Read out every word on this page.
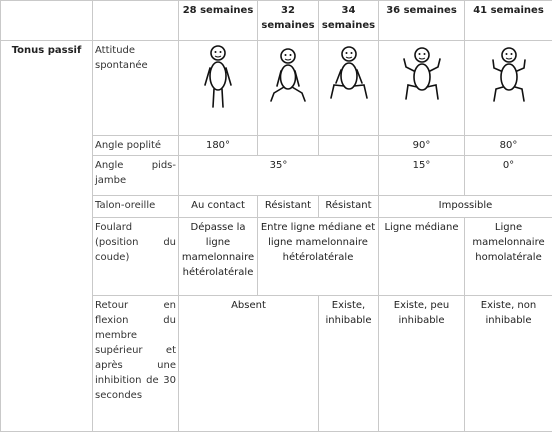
		28 semaines	32 semaines	34 semaines	36 semaines	41 semaines
Tonus passif	Attitude spontanée	

	Angle poplité	180°			90°	80°
	Angle pids-jambe	35°			15°	0°
	Talon-oreille	Au contact	Résistant	Résistant	Impossible	
	Foulard (position du coude)	Dépasse la ligne mamelonnaire hétérolatérale	Entre ligne médiane et ligne mamelonnaire hétérolatérale		Ligne médiane	Ligne mamelonnaire homolatérale
	Retour en flexion du membre supérieur et après une inhibition de 30 secondes	Absent		Existe, inhibable	Existe, peu inhibable	Existe, non inhibable
